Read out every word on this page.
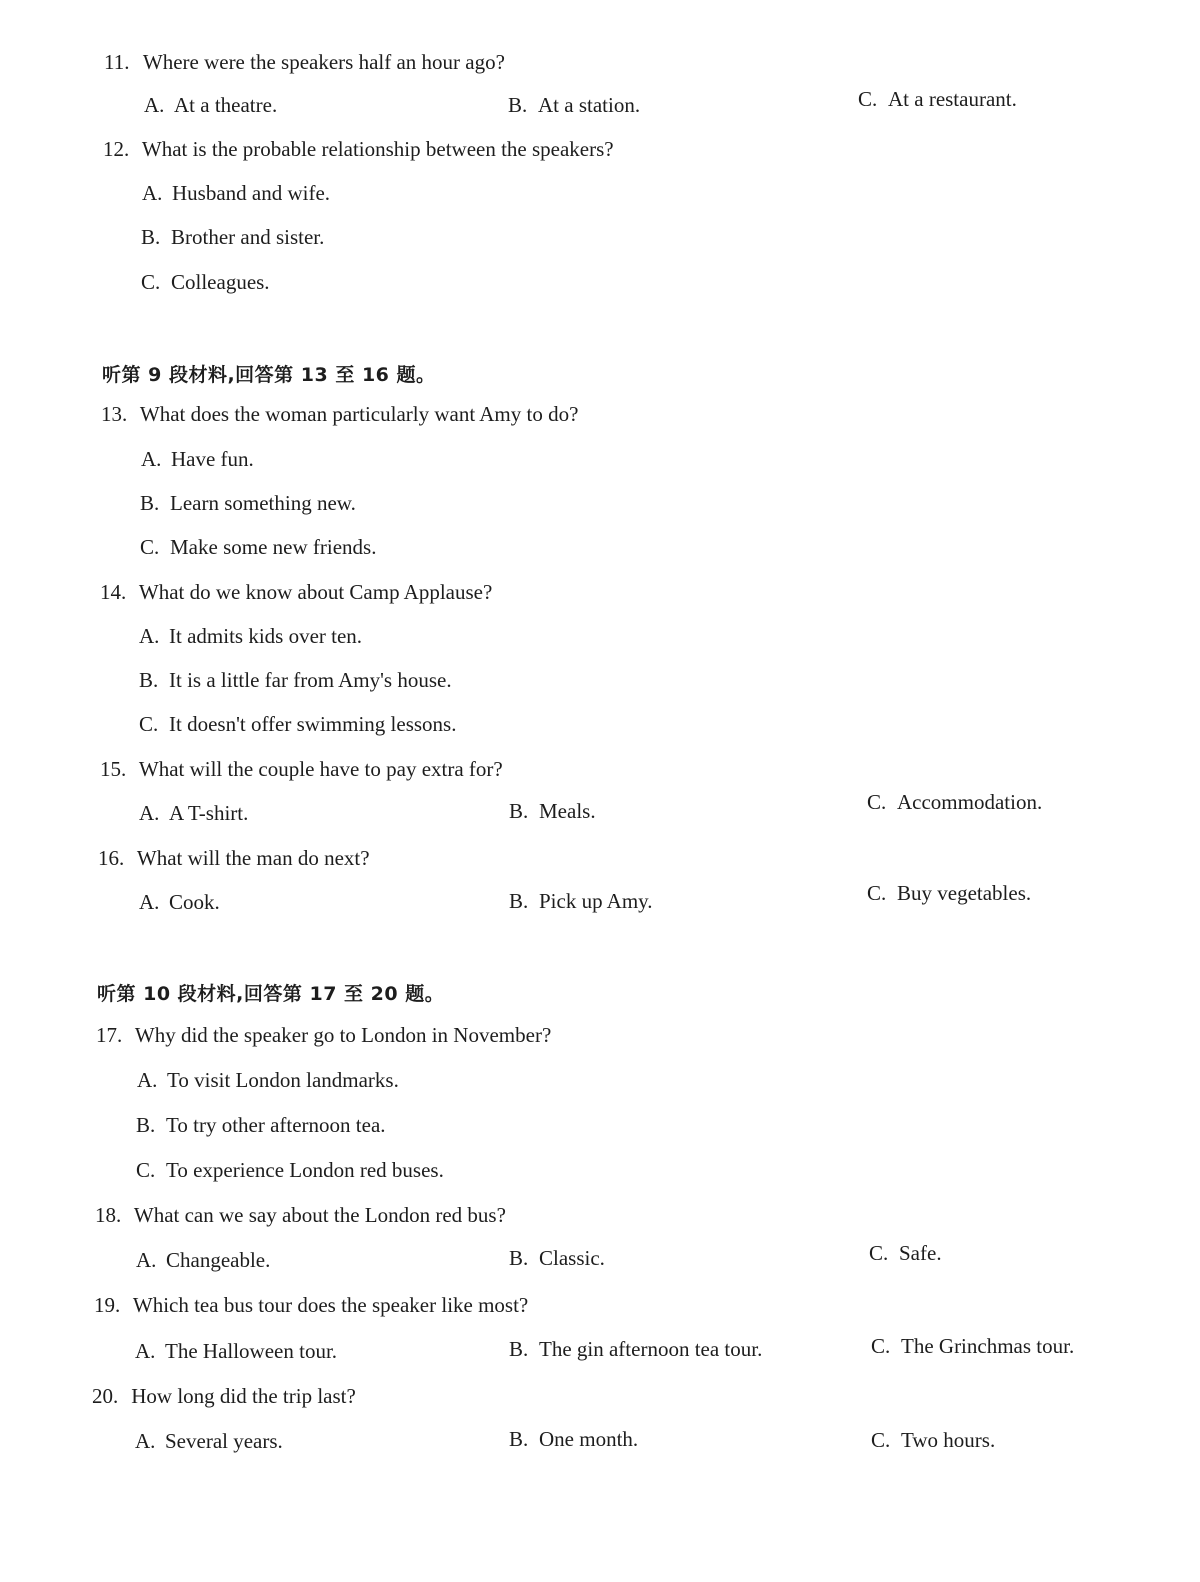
11. Where were the speakers half an hour ago?
A. At a theatre.	B. At a station.	C. At a restaurant.
12. What is the probable relationship between the speakers?
A. Husband and wife.
B. Brother and sister.
C. Colleagues.
听第 9 段材料,回答第 13 至 16 题。
13. What does the woman particularly want Amy to do?
A. Have fun.
B. Learn something new.
C. Make some new friends.
14. What do we know about Camp Applause?
A. It admits kids over ten.
B. It is a little far from Amy's house.
C. It doesn't offer swimming lessons.
15. What will the couple have to pay extra for?
A. A T-shirt.	B. Meals.	C. Accommodation.
16. What will the man do next?
A. Cook.	B. Pick up Amy.	C. Buy vegetables.
听第 10 段材料,回答第 17 至 20 题。
17. Why did the speaker go to London in November?
A. To visit London landmarks.
B. To try other afternoon tea.
C. To experience London red buses.
18. What can we say about the London red bus?
A. Changeable.	B. Classic.	C. Safe.
19. Which tea bus tour does the speaker like most?
A. The Halloween tour.	B. The gin afternoon tea tour.	C. The Grinchmas tour.
20. How long did the trip last?
A. Several years.	B. One month.	C. Two hours.
